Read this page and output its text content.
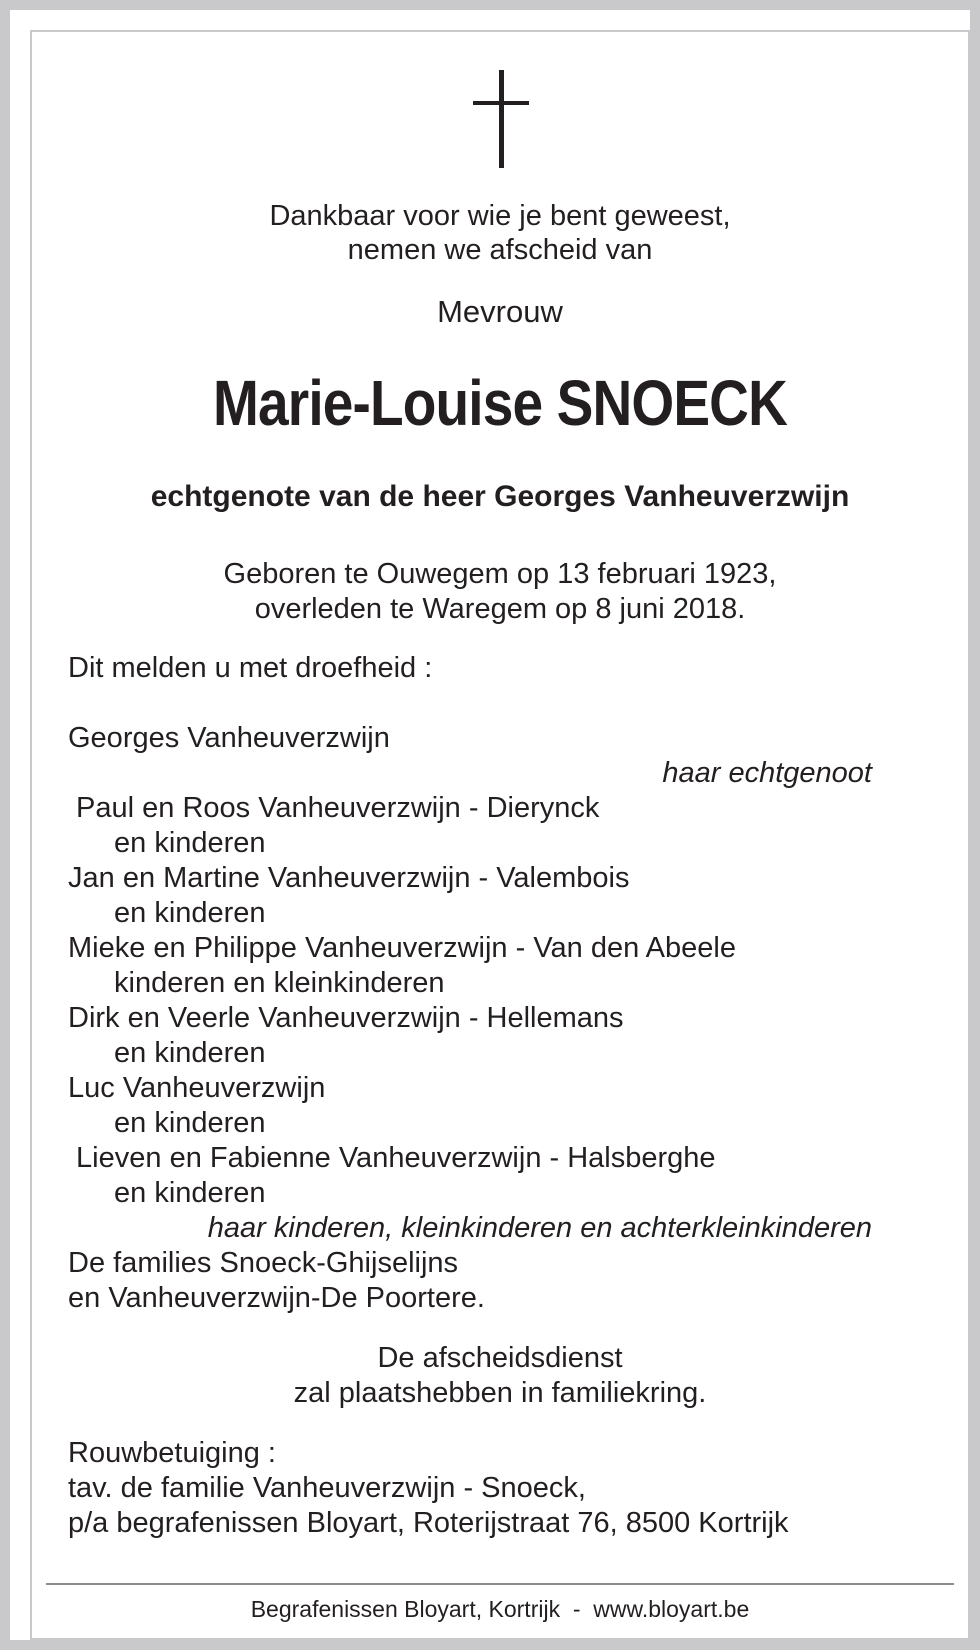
Dankbaar voor wie je bent geweest,
nemen we afscheid van
Mevrouw
Marie-Louise SNOECK
echtgenote van de heer Georges Vanheuverzwijn
Geboren te Ouwegem op 13 februari 1923,
overleden te Waregem op 8 juni 2018.
Dit melden u met droefheid :
Georges Vanheuverzwijn
haar echtgenoot
Paul en Roos Vanheuverzwijn - Dierynck
en kinderen
Jan en Martine Vanheuverzwijn - Valembois
en kinderen
Mieke en Philippe Vanheuverzwijn - Van den Abeele
kinderen en kleinkinderen
Dirk en Veerle Vanheuverzwijn - Hellemans
en kinderen
Luc Vanheuverzwijn
en kinderen
Lieven en Fabienne Vanheuverzwijn - Halsberghe
en kinderen
haar kinderen, kleinkinderen en achterkleinkinderen
De families Snoeck-Ghijselijns
en Vanheuverzwijn-De Poortere.
De afscheidsdienst
zal plaatshebben in familiekring.
Rouwbetuiging :
tav. de familie Vanheuverzwijn - Snoeck,
p/a begrafenissen Bloyart, Roterijstraat 76, 8500 Kortrijk
Begrafenissen Bloyart, Kortrijk  -  www.bloyart.be
